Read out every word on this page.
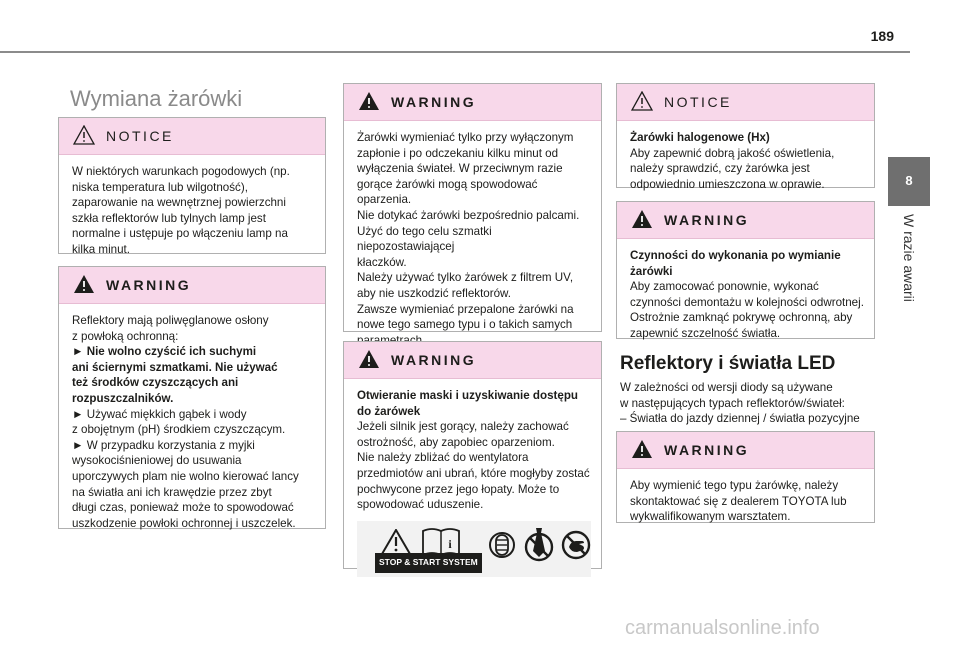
189
8
W razie awarii
Wymiana żarówki
NOTICE

W niektórych warunkach pogodowych (np.

niska temperatura lub wilgotność),

zaparowanie na wewnętrznej powierzchni

szkła reflektorów lub tylnych lamp jest

normalne i ustępuje po włączeniu lamp na

kilka minut.

WARNING

Reflektory mają poliwęglanowe osłony

z powłoką ochronną:

► Nie wolno czyścić ich suchymi

ani ściernymi szmatkami. Nie używać

też środków czyszczących ani

rozpuszczalników.

► Używać miękkich gąbek i wody

z obojętnym (pH) środkiem czyszczącym.

► W przypadku korzystania z myjki

wysokociśnieniowej do usuwania

uporczywych plam nie wolno kierować lancy

na światła ani ich krawędzie przez zbyt

długi czas, ponieważ może to spowodować

uszkodzenie powłoki ochronnej i uszczelek.

WARNING

Żarówki wymieniać tylko przy wyłączonym

zapłonie i po odczekaniu kilku minut od

wyłączenia świateł. W przeciwnym razie

gorące żarówki mogą spowodować

oparzenia.

Nie dotykać żarówki bezpośrednio palcami.

Użyć do tego celu szmatki niepozostawiającej

kłaczków.

Należy używać tylko żarówek z filtrem UV,

aby nie uszkodzić reflektorów.

Zawsze wymieniać przepalone żarówki na

nowe tego samego typu i o takich samych

WARNING

Otwieranie maski i uzyskiwanie dostępu

do żarówek

Jeżeli silnik jest gorący, należy zachować

ostrożność, aby zapobiec oparzeniom.

Nie należy zbliżać do wentylatora

przedmiotów ani ubrań, które mogłyby zostać

pochwycone przez jego łopaty. Może to

spowodować uduszenie.

i
STOP & START SYSTEM
NOTICE

Żarówki halogenowe (Hx)

Aby zapewnić dobrą jakość oświetlenia,

należy sprawdzić, czy żarówka jest

odpowiednio umieszczona w oprawie.

WARNING

Czynności do wykonania po wymianie

żarówki

Aby zamocować ponownie, wykonać

czynności demontażu w kolejności odwrotnej.

Ostrożnie zamknąć pokrywę ochronną, aby

zapewnić szczelność światła.

Reflektory i światła LED
W zależności od wersji diody są używane
w następujących typach reflektorów/świateł:
– Światła do jazdy dziennej / światła pozycyjne
WARNING

Aby wymienić tego typu żarówkę, należy

skontaktować się z dealerem TOYOTA lub

wykwalifikowanym warsztatem.

carmanualsonline.info
